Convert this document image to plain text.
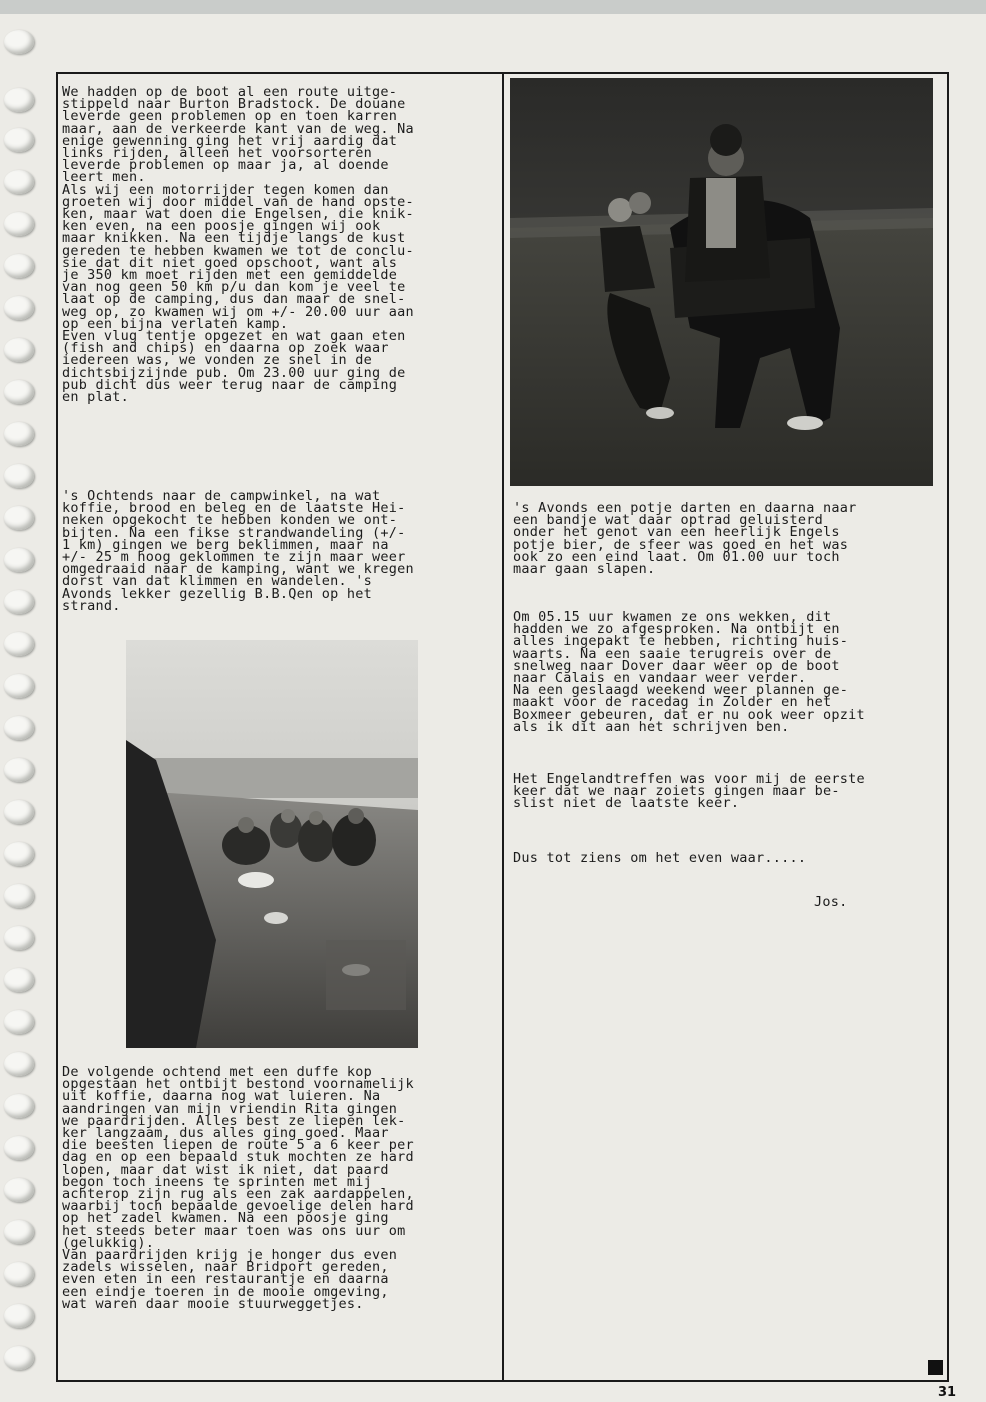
We hadden op de boot al een route uitge-
stippeld naar Burton Bradstock. De douane
leverde geen problemen op en toen karren
maar, aan de verkeerde kant van de weg. Na
enige gewenning ging het vrij aardig dat
links rijden, alleen het voorsorteren
leverde problemen op maar ja, al doende
leert men.
Als wij een motorrijder tegen komen dan
groeten wij door middel van de hand opste-
ken, maar wat doen die Engelsen, die knik-
ken even, na een poosje gingen wij ook
maar knikken. Na een tijdje langs de kust
gereden te hebben kwamen we tot de conclu-
sie dat dit niet goed opschoot, want als
je 350 km moet rijden met een gemiddelde
van nog geen 50 km p/u dan kom je veel te
laat op de camping, dus dan maar de snel-
weg op, zo kwamen wij om +/- 20.00 uur aan
op een bijna verlaten kamp.
Even vlug tentje opgezet en wat gaan eten
(fish and chips) en daarna op zoek waar
iedereen was, we vonden ze snel in de
dichtsbijzijnde pub. Om 23.00 uur ging de
pub dicht dus weer terug naar de camping
en plat.
's Ochtends naar de campwinkel, na wat
koffie, brood en beleg en de laatste Hei-
neken opgekocht te hebben konden we ont-
bijten. Na een fikse strandwandeling (+/-
1 km) gingen we berg beklimmen, maar na
+/- 25 m hoog geklommen te zijn maar weer
omgedraaid naar de kamping, want we kregen
dorst van dat klimmen en wandelen. 's
Avonds lekker gezellig B.B.Qen op het
strand.
De volgende ochtend met een duffe kop
opgestaan het ontbijt bestond voornamelijk
uit koffie, daarna nog wat luieren. Na
aandringen van mijn vriendin Rita gingen
we paardrijden. Alles best ze liepen lek-
ker langzaam, dus alles ging goed. Maar
die beesten liepen de route 5 a 6 keer per
dag en op een bepaald stuk mochten ze hard
lopen, maar dat wist ik niet, dat paard
begon toch ineens te sprinten met mij
achterop zijn rug als een zak aardappelen,
waarbij toch bepaalde gevoelige delen hard
op het zadel kwamen. Na een poosje ging
het steeds beter maar toen was ons uur om
(gelukkig).
Van paardrijden krijg je honger dus even
zadels wisselen, naar Bridport gereden,
even eten in een restaurantje en daarna
een eindje toeren in de mooie omgeving,
wat waren daar mooie stuurweggetjes.
's Avonds een potje darten en daarna naar
een bandje wat daar optrad geluisterd
onder het genot van een heerlijk Engels
potje bier, de sfeer was goed en het was
ook zo een eind laat. Om 01.00 uur toch
maar gaan slapen.
Om 05.15 uur kwamen ze ons wekken, dit
hadden we zo afgesproken. Na ontbijt en
alles ingepakt te hebben, richting huis-
waarts. Na een saaie terugreis over de
snelweg naar Dover daar weer op de boot
naar Calais en vandaar weer verder.
Na een geslaagd weekend weer plannen ge-
maakt voor de racedag in Zolder en het
Boxmeer gebeuren, dat er nu ook weer opzit
als ik dit aan het schrijven ben.
Het Engelandtreffen was voor mij de eerste
keer dat we naar zoiets gingen maar be-
slist niet de laatste keer.
Dus tot ziens om het even waar.....
Jos.
31
